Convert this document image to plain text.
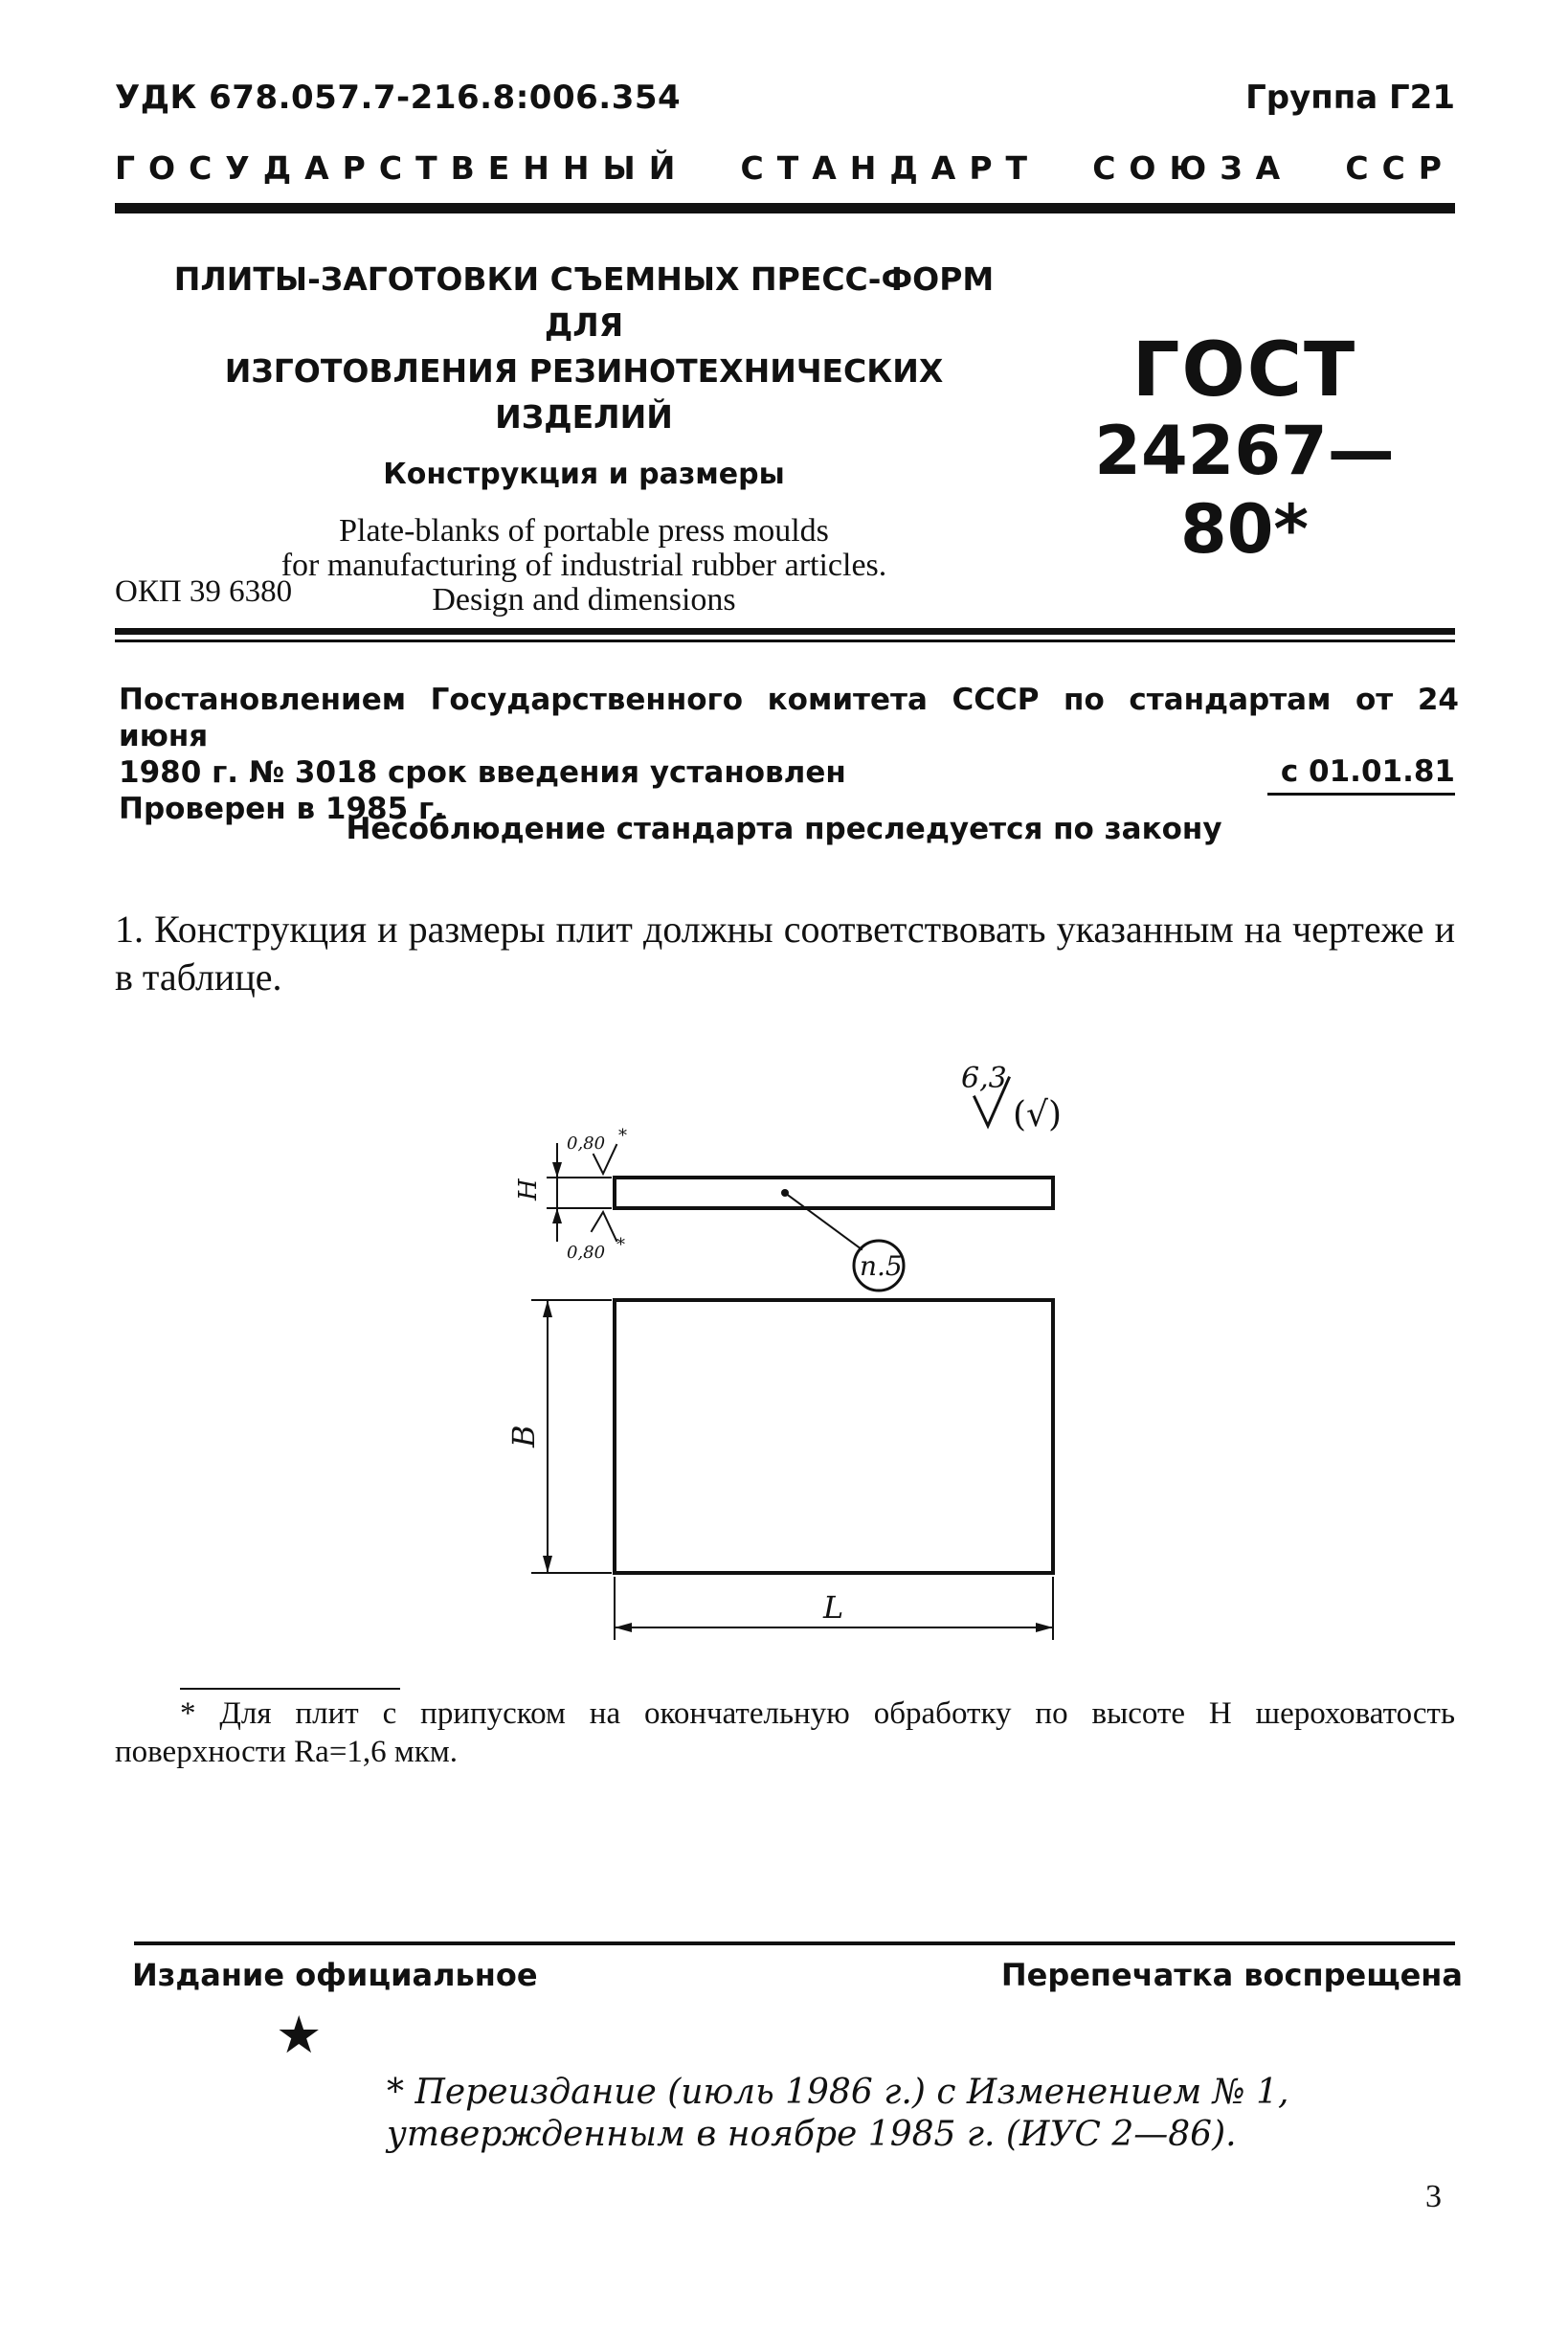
УДК 678.057.7-216.8:006.354	Группа Г21
ГОСУДАРСТВЕННЫЙ СТАНДАРТ СОЮЗА ССР
ПЛИТЫ-ЗАГОТОВКИ СЪЕМНЫХ ПРЕСС-ФОРМ ДЛЯ
ИЗГОТОВЛЕНИЯ РЕЗИНОТЕХНИЧЕСКИХ ИЗДЕЛИЙ
Конструкция и размеры
Plate-blanks of portable press moulds
for manufacturing of industrial rubber articles.
Design and dimensions
ГОСТ
24267—80*
ОКП 39 6380
Постановлением Государственного комитета СССР по стандартам от 24 июня
1980 г. № 3018 срок введения установлен
Проверен в 1985 г.
с 01.01.81
Несоблюдение стандарта преследуется по закону
1. Конструкция и размеры плит должны соответствовать указанным на чертеже и в таблице.
6,3
(√)
0,80 *
0,80 *
H
п.5
B
L
* Для плит с припуском на окончательную обработку по высоте H шероховатость поверхности Ra=1,6 мкм.
Издание официальное	Перепечатка воспрещена
★
* Переиздание (июль 1986 г.) с Изменением № 1,
утвержденным в ноябре 1985 г. (ИУС 2—86).
3
